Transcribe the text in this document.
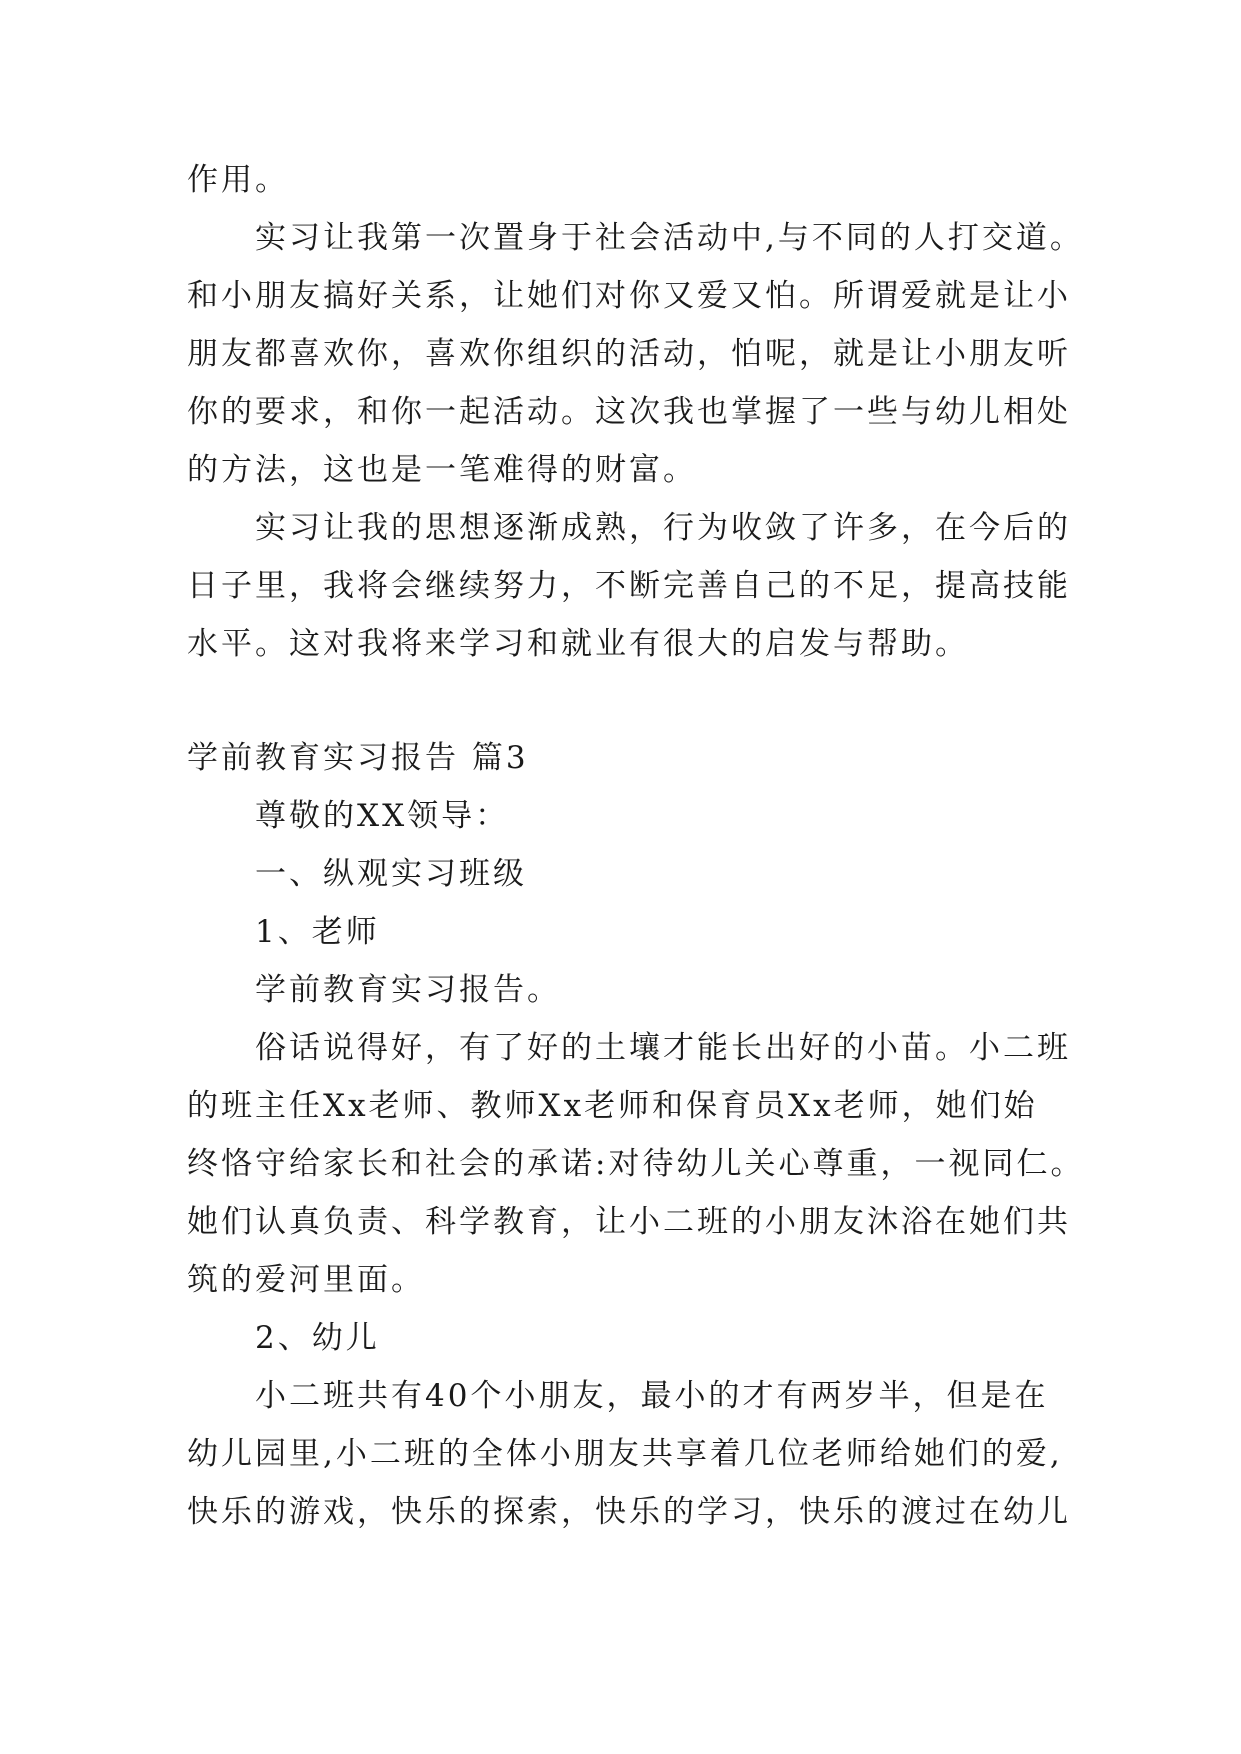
作用。
实习让我第一次置身于社会活动中,与不同的人打交道。
和小朋友搞好关系，让她们对你又爱又怕。所谓爱就是让小
朋友都喜欢你，喜欢你组织的活动，怕呢，就是让小朋友听
你的要求，和你一起活动。这次我也掌握了一些与幼儿相处
的方法，这也是一笔难得的财富。
实习让我的思想逐渐成熟，行为收敛了许多，在今后的
日子里，我将会继续努力，不断完善自己的不足，提高技能
水平。这对我将来学习和就业有很大的启发与帮助。
学前教育实习报告 篇3
尊敬的XX领导：
一、纵观实习班级
1、老师
学前教育实习报告。
俗话说得好，有了好的土壤才能长出好的小苗。小二班
的班主任Xx老师、教师Xx老师和保育员Xx老师，她们始
终恪守给家长和社会的承诺:对待幼儿关心尊重，一视同仁。
她们认真负责、科学教育，让小二班的小朋友沐浴在她们共
筑的爱河里面。
2、幼儿
小二班共有40个小朋友，最小的才有两岁半，但是在
幼儿园里,小二班的全体小朋友共享着几位老师给她们的爱,
快乐的游戏，快乐的探索，快乐的学习，快乐的渡过在幼儿
